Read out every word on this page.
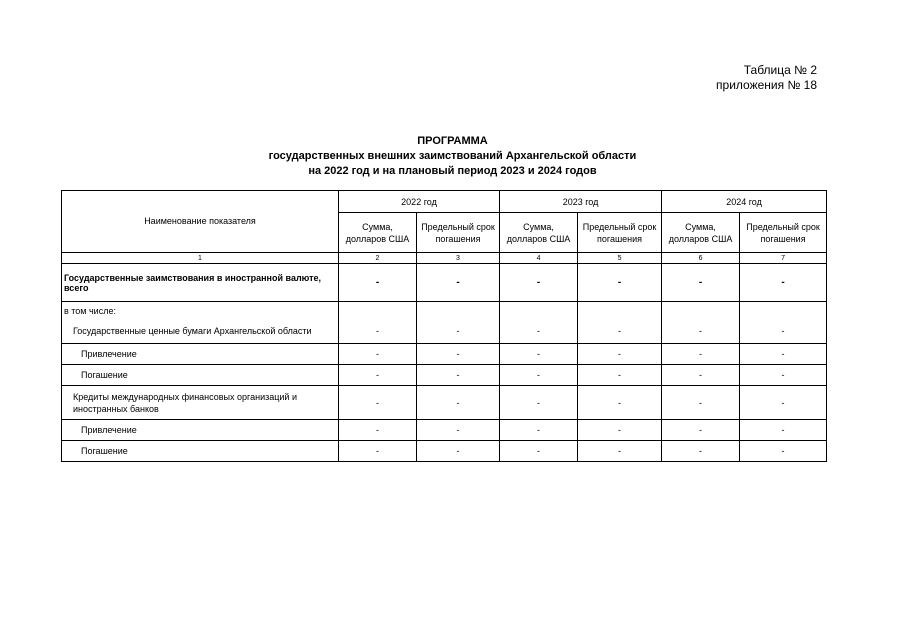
Таблица № 2
приложения № 18
ПРОГРАММА
государственных внешних заимствований Архангельской области
на 2022 год и на плановый период 2023 и 2024 годов
Наименование показателя	2022 год		2023 год		2024 год	
	Сумма, долларов США	Предельный срок погашения	Сумма, долларов США	Предельный срок погашения	Сумма, долларов США	Предельный срок погашения
1	2	3	4	5	6	7
Государственные заимствования в иностранной валюте, всего	-	-	-	-	-	-
в том числе:						
Государственные ценные бумаги Архангельской области	-	-	-	-	-	-
Привлечение	-	-	-	-	-	-
Погашение	-	-	-	-	-	-
Кредиты международных финансовых организаций и иностранных банков	-	-	-	-	-	-
Привлечение	-	-	-	-	-	-
Погашение	-	-	-	-	-	-
